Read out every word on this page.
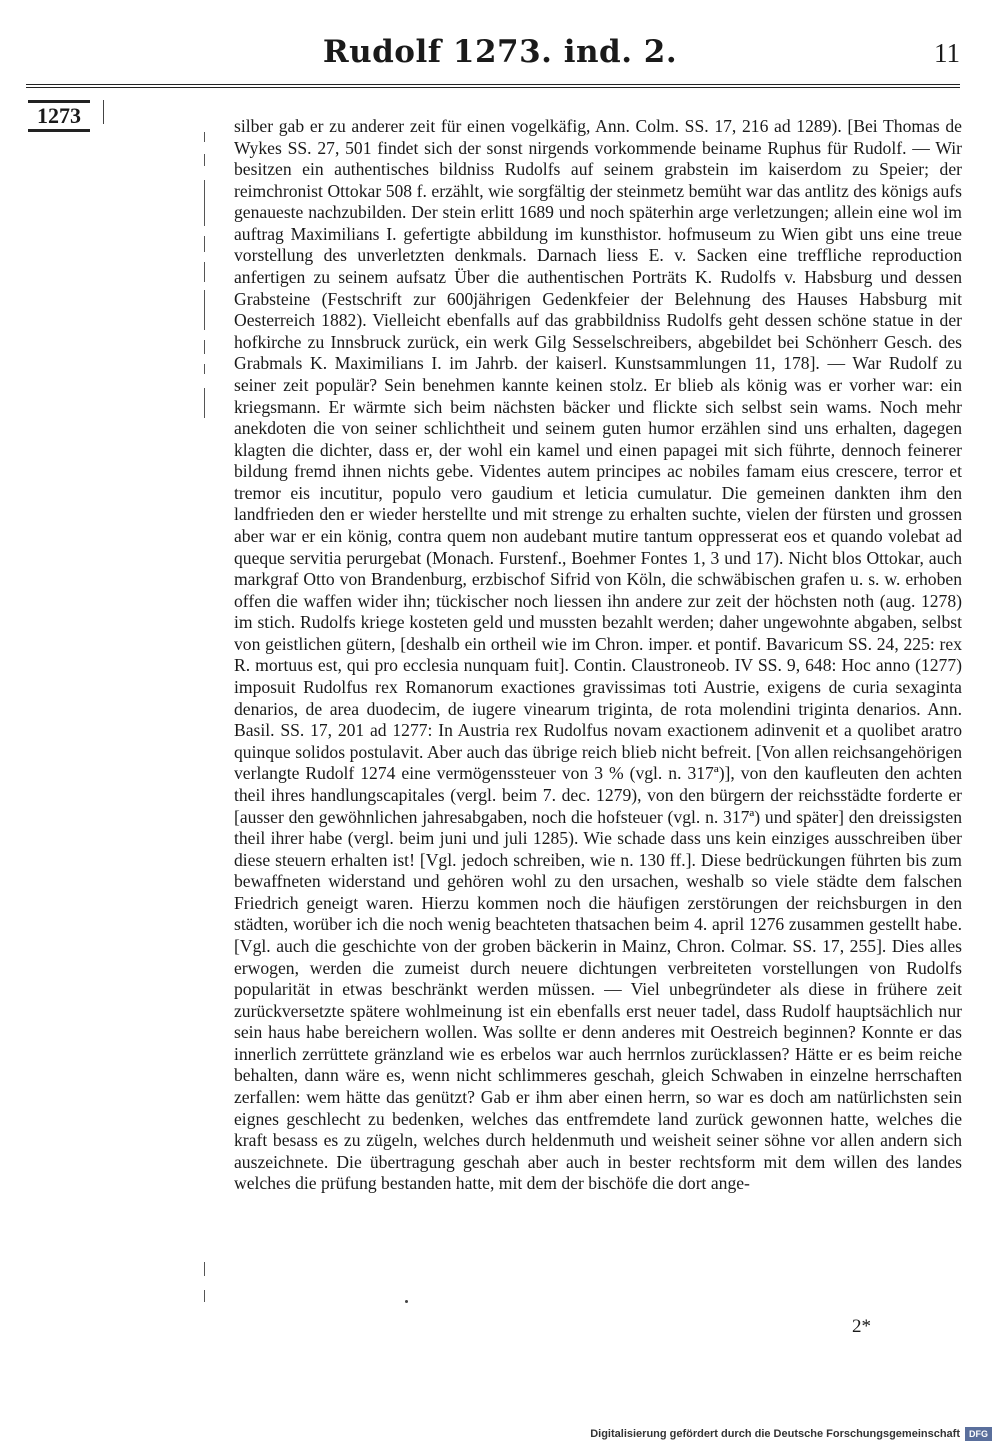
Rudolf 1273. ind. 2.	11
1273	silber gab er zu anderer zeit für einen vogelkäfig, Ann. Colm. SS. 17, 216 ad 1289). [Bei Thomas de Wykes SS. 27, 501 findet sich der sonst nirgends vorkommende beiname Ruphus für Rudolf. — Wir besitzen ein authentisches bildniss Rudolfs auf seinem grabstein im kaiserdom zu Speier; der reimchronist Ottokar 508 f. erzählt, wie sorgfältig der steinmetz bemüht war das antlitz des königs aufs genaueste nachzubilden. Der stein erlitt 1689 und noch späterhin arge verletzungen; allein eine wol im auftrag Maximilians I. gefertigte abbildung im kunsthistor. hofmuseum zu Wien gibt uns eine treue vorstellung des unverletzten denkmals. Darnach liess E. v. Sacken eine treffliche reproduction anfertigen zu seinem aufsatz Über die authentischen Porträts K. Rudolfs v. Habsburg und dessen Grabsteine (Festschrift zur 600jährigen Gedenkfeier der Belehnung des Hauses Habsburg mit Oesterreich 1882). Vielleicht ebenfalls auf das grabbildniss Rudolfs geht dessen schöne statue in der hofkirche zu Innsbruck zurück, ein werk Gilg Sesselschreibers, abgebildet bei Schönherr Gesch. des Grabmals K. Maximilians I. im Jahrb. der kaiserl. Kunstsammlungen 11, 178]. — War Rudolf zu seiner zeit populär? Sein benehmen kannte keinen stolz. Er blieb als könig was er vorher war: ein kriegsmann. Er wärmte sich beim nächsten bäcker und flickte sich selbst sein wams. Noch mehr anekdoten die von seiner schlichtheit und seinem guten humor erzählen sind uns erhalten, dagegen klagten die dichter, dass er, der wohl ein kamel und einen papagei mit sich führte, dennoch feinerer bildung fremd ihnen nichts gebe. Videntes autem principes ac nobiles famam eius crescere, terror et tremor eis incutitur, populo vero gaudium et leticia cumulatur. Die gemeinen dankten ihm den landfrieden den er wieder herstellte und mit strenge zu erhalten suchte, vielen der fürsten und grossen aber war er ein könig, contra quem non audebant mutire tantum oppresserat eos et quando volebat ad queque servitia perurgebat (Monach. Furstenf., Boehmer Fontes 1, 3 und 17). Nicht blos Ottokar, auch markgraf Otto von Brandenburg, erzbischof Sifrid von Köln, die schwäbischen grafen u. s. w. erhoben offen die waffen wider ihn; tückischer noch liessen ihn andere zur zeit der höchsten noth (aug. 1278) im stich. Rudolfs kriege kosteten geld und mussten bezahlt werden; daher ungewohnte abgaben, selbst von geistlichen gütern, [deshalb ein ortheil wie im Chron. imper. et pontif. Bavaricum SS. 24, 225: rex R. mortuus est, qui pro ecclesia nunquam fuit]. Contin. Claustroneob. IV SS. 9, 648: Hoc anno (1277) imposuit Rudolfus rex Romanorum exactiones gravissimas toti Austrie, exigens de curia sexaginta denarios, de area duodecim, de iugere vinearum triginta, de rota molendini triginta denarios. Ann. Basil. SS. 17, 201 ad 1277: In Austria rex Rudolfus novam exactionem adinvenit et a quolibet aratro quinque solidos postulavit. Aber auch das übrige reich blieb nicht befreit. [Von allen reichsangehörigen verlangte Rudolf 1274 eine vermögenssteuer von 3 % (vgl. n. 317ª)], von den kaufleuten den achten theil ihres handlungscapitales (vergl. beim 7. dec. 1279), von den bürgern der reichsstädte forderte er [ausser den gewöhnlichen jahresabgaben, noch die hofsteuer (vgl. n. 317ª) und später] den dreissigsten theil ihrer habe (vergl. beim juni und juli 1285). Wie schade dass uns kein einziges ausschreiben über diese steuern erhalten ist! [Vgl. jedoch schreiben, wie n. 130 ff.]. Diese bedrückungen führten bis zum bewaffneten widerstand und gehören wohl zu den ursachen, weshalb so viele städte dem falschen Friedrich geneigt waren. Hierzu kommen noch die häufigen zerstörungen der reichsburgen in den städten, worüber ich die noch wenig beachteten thatsachen beim 4. april 1276 zusammen gestellt habe. [Vgl. auch die geschichte von der groben bäckerin in Mainz, Chron. Colmar. SS. 17, 255]. Dies alles erwogen, werden die zumeist durch neuere dichtungen verbreiteten vorstellungen von Rudolfs popularität in etwas beschränkt werden müssen. — Viel unbegründeter als diese in frühere zeit zurückversetzte spätere wohlmeinung ist ein ebenfalls erst neuer tadel, dass Rudolf hauptsächlich nur sein haus habe bereichern wollen. Was sollte er denn anderes mit Oestreich beginnen? Konnte er das innerlich zerrüttete gränzland wie es erbelos war auch herrnlos zurücklassen? Hätte er es beim reiche behalten, dann wäre es, wenn nicht schlimmeres geschah, gleich Schwaben in einzelne herrschaften zerfallen: wem hätte das genützt? Gab er ihm aber einen herrn, so war es doch am natürlichsten sein eignes geschlecht zu bedenken, welches das entfremdete land zurück gewonnen hatte, welches die kraft besass es zu zügeln, welches durch heldenmuth und weisheit seiner söhne vor allen andern sich auszeichnete. Die übertragung geschah aber auch in bester rechtsform mit dem willen des landes welches die prüfung bestanden hatte, mit dem der bischöfe die dort ange-

2*
Digitalisierung gefördert durch die Deutsche Forschungsgemeinschaft	DFG
